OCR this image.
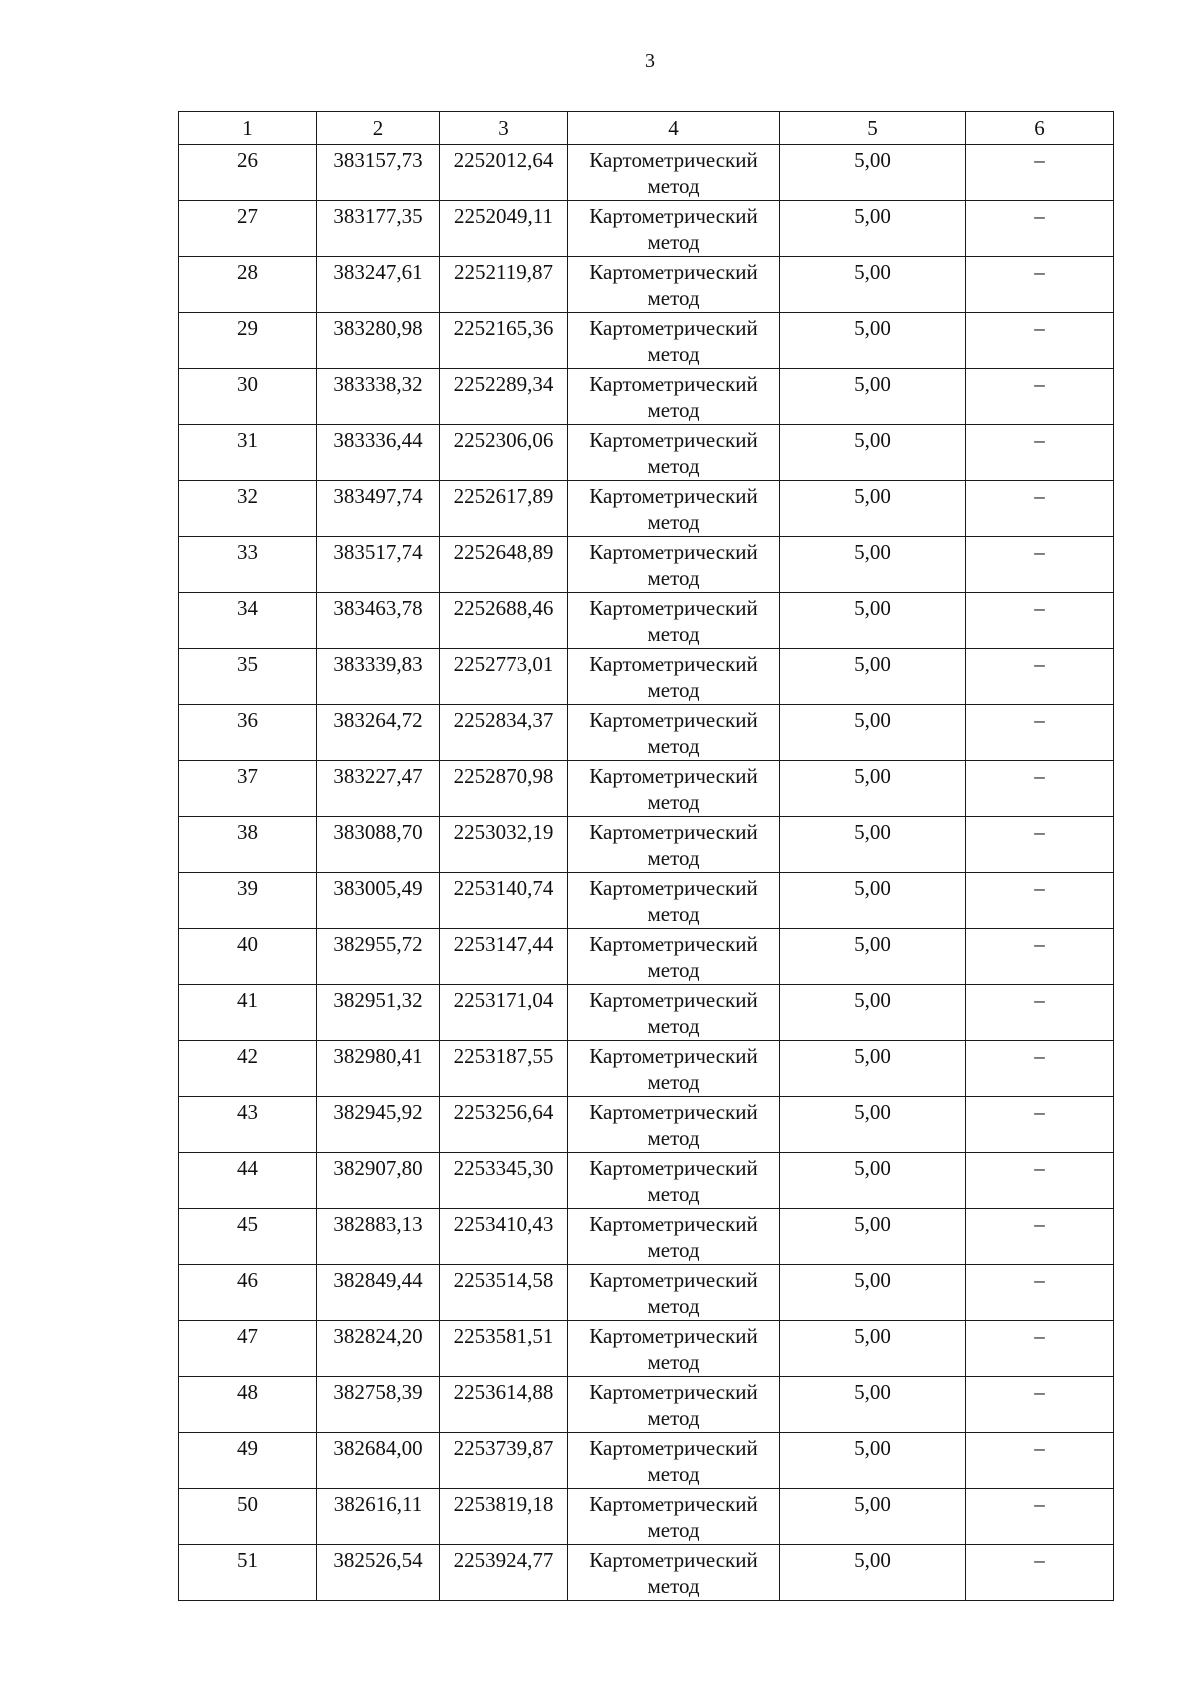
3
1	2	3	4	5	6
26	383157,73	2252012,64	Картометрический метод	5,00	–
27	383177,35	2252049,11	Картометрический метод	5,00	–
28	383247,61	2252119,87	Картометрический метод	5,00	–
29	383280,98	2252165,36	Картометрический метод	5,00	–
30	383338,32	2252289,34	Картометрический метод	5,00	–
31	383336,44	2252306,06	Картометрический метод	5,00	–
32	383497,74	2252617,89	Картометрический метод	5,00	–
33	383517,74	2252648,89	Картометрический метод	5,00	–
34	383463,78	2252688,46	Картометрический метод	5,00	–
35	383339,83	2252773,01	Картометрический метод	5,00	–
36	383264,72	2252834,37	Картометрический метод	5,00	–
37	383227,47	2252870,98	Картометрический метод	5,00	–
38	383088,70	2253032,19	Картометрический метод	5,00	–
39	383005,49	2253140,74	Картометрический метод	5,00	–
40	382955,72	2253147,44	Картометрический метод	5,00	–
41	382951,32	2253171,04	Картометрический метод	5,00	–
42	382980,41	2253187,55	Картометрический метод	5,00	–
43	382945,92	2253256,64	Картометрический метод	5,00	–
44	382907,80	2253345,30	Картометрический метод	5,00	–
45	382883,13	2253410,43	Картометрический метод	5,00	–
46	382849,44	2253514,58	Картометрический метод	5,00	–
47	382824,20	2253581,51	Картометрический метод	5,00	–
48	382758,39	2253614,88	Картометрический метод	5,00	–
49	382684,00	2253739,87	Картометрический метод	5,00	–
50	382616,11	2253819,18	Картометрический метод	5,00	–
51	382526,54	2253924,77	Картометрический метод	5,00	–
